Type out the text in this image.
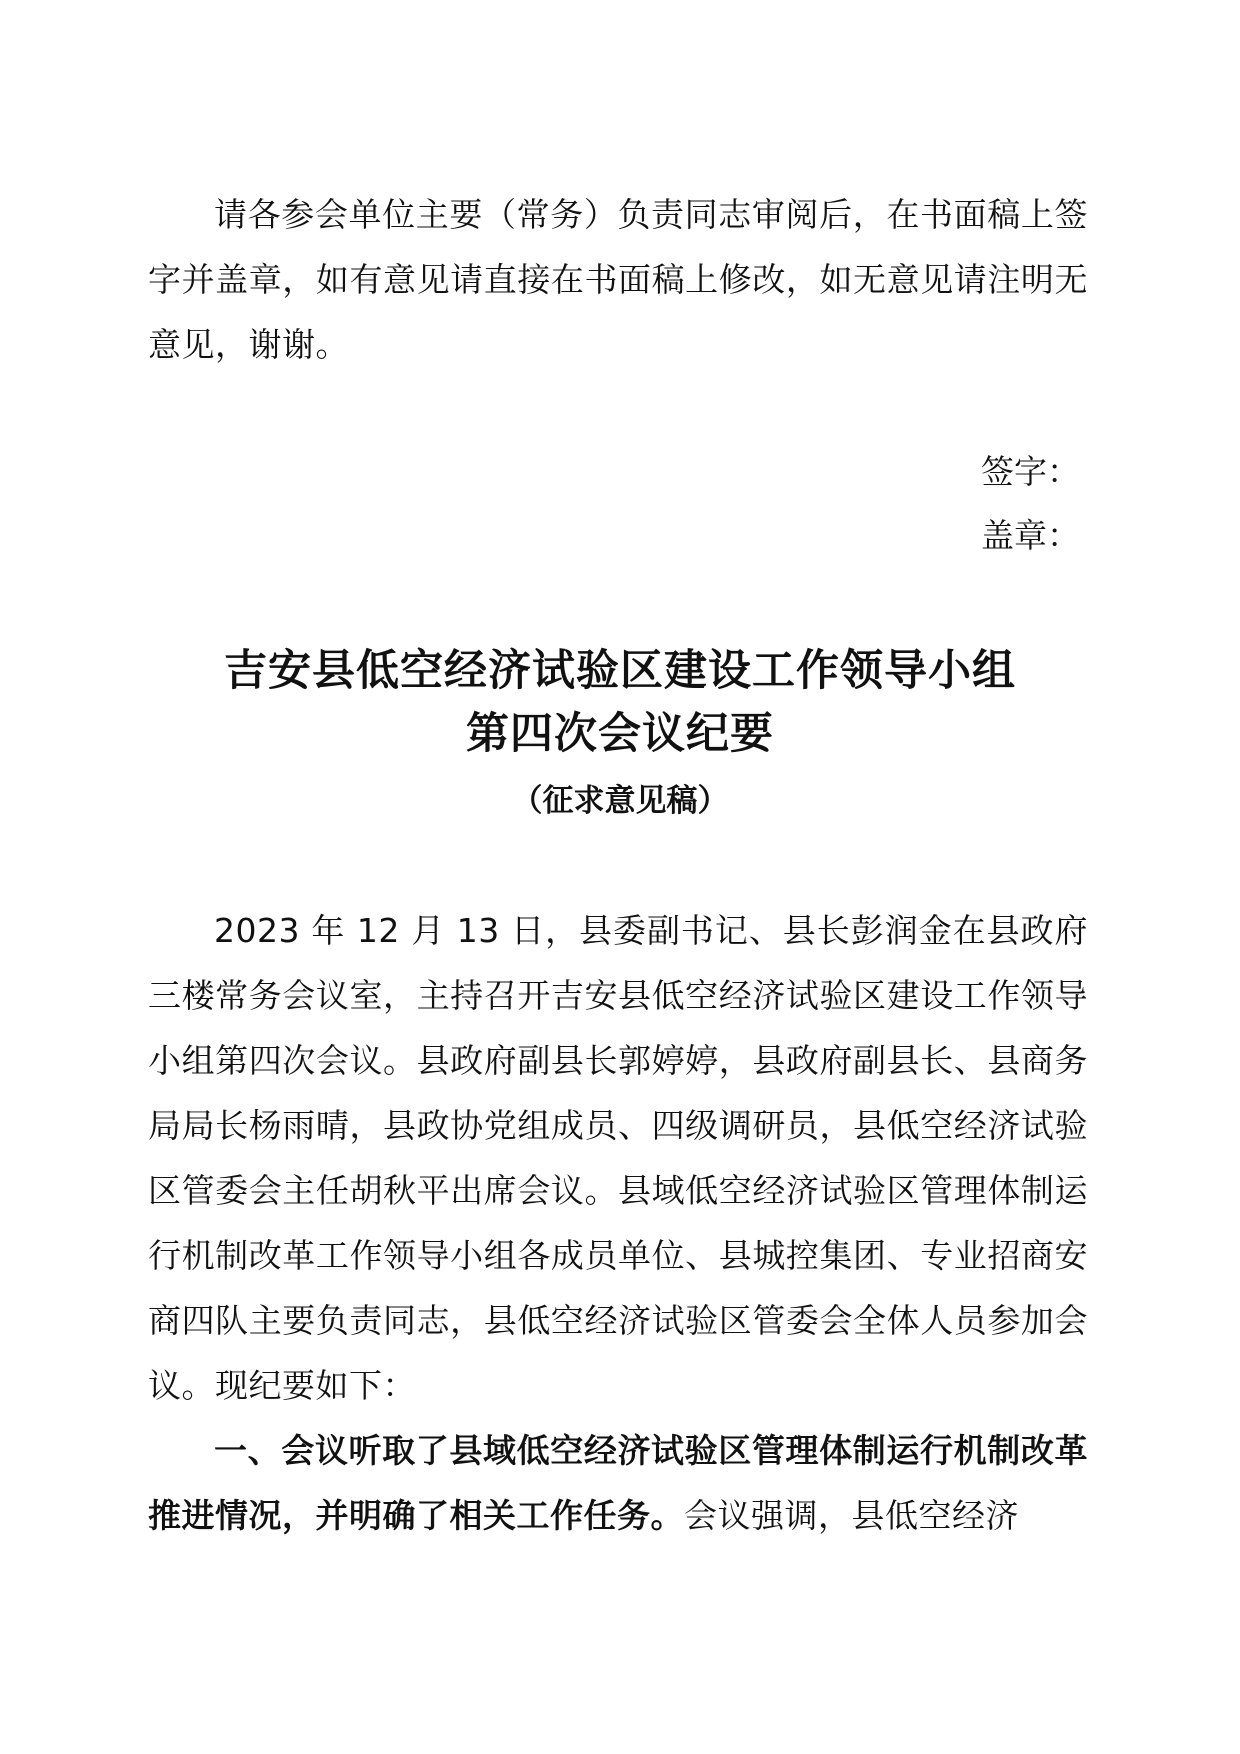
请各参会单位主要（常务）负责同志审阅后，在书面稿上签字并盖章，如有意见请直接在书面稿上修改，如无意见请注明无意见，谢谢。

签字：

盖章：

吉安县低空经济试验区建设工作领导小组
第四次会议纪要
（征求意见稿）

2023 年 12 月 13 日，县委副书记、县长彭润金在县政府三楼常务会议室，主持召开吉安县低空经济试验区建设工作领导小组第四次会议。县政府副县长郭婷婷，县政府副县长、县商务局局长杨雨晴，县政协党组成员、四级调研员，县低空经济试验区管委会主任胡秋平出席会议。县域低空经济试验区管理体制运行机制改革工作领导小组各成员单位、县城控集团、专业招商安商四队主要负责同志，县低空经济试验区管委会全体人员参加会议。现纪要如下：

一、会议听取了县域低空经济试验区管理体制运行机制改革推进情况，并明确了相关工作任务。会议强调，县低空经济
